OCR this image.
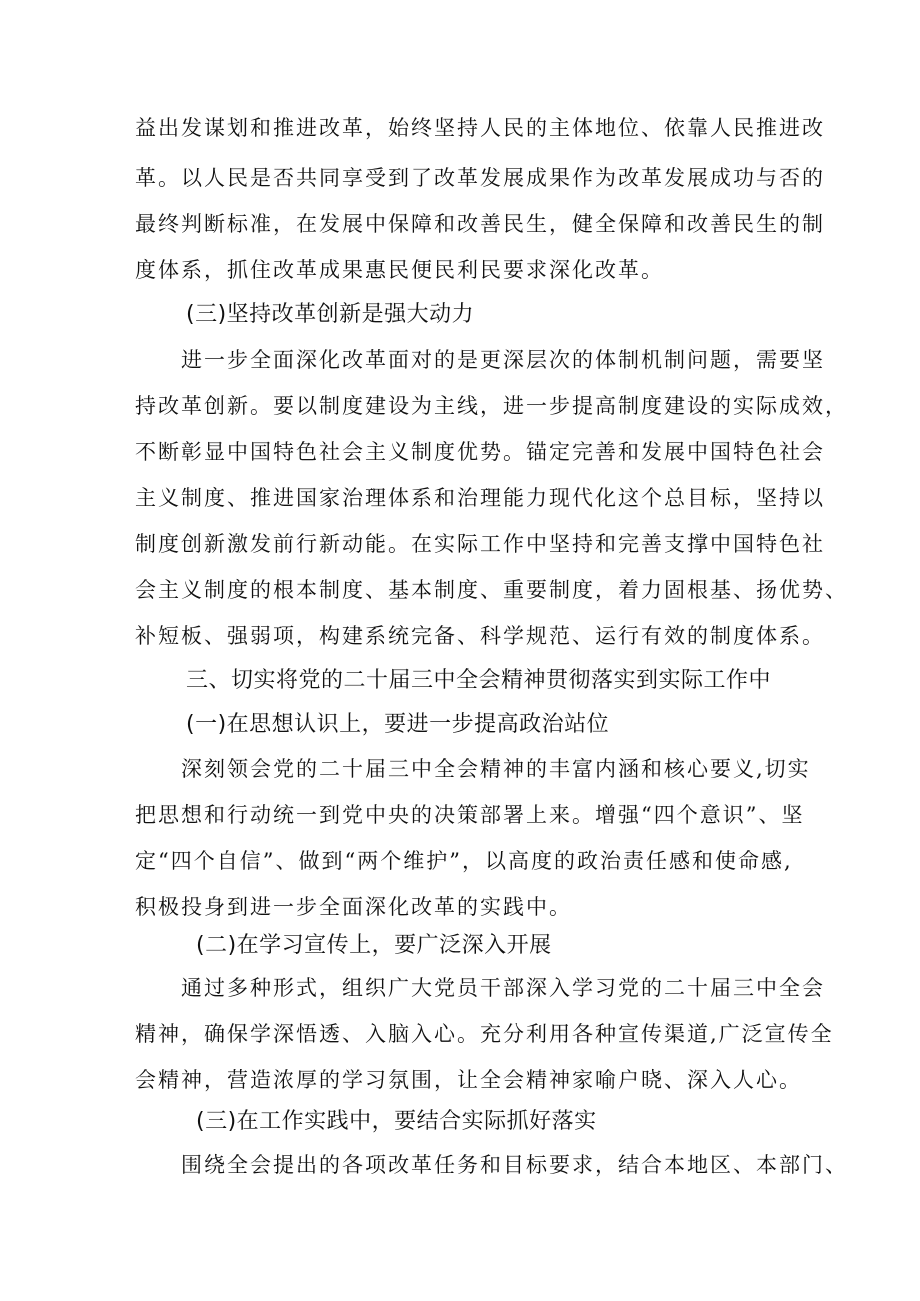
益出发谋划和推进改革，始终坚持人民的主体地位、依靠人民推进改
革。以人民是否共同享受到了改革发展成果作为改革发展成功与否的
最终判断标准，在发展中保障和改善民生，健全保障和改善民生的制
度体系，抓住改革成果惠民便民利民要求深化改革。
(三)坚持改革创新是强大动力
进一步全面深化改革面对的是更深层次的体制机制问题，需要坚
持改革创新。要以制度建设为主线，进一步提高制度建设的实际成效，
不断彰显中国特色社会主义制度优势。锚定完善和发展中国特色社会
主义制度、推进国家治理体系和治理能力现代化这个总目标，坚持以
制度创新激发前行新动能。在实际工作中坚持和完善支撑中国特色社
会主义制度的根本制度、基本制度、重要制度，着力固根基、扬优势、
补短板、强弱项，构建系统完备、科学规范、运行有效的制度体系。
三、切实将党的二十届三中全会精神贯彻落实到实际工作中
(一)在思想认识上，要进一步提高政治站位
深刻领会党的二十届三中全会精神的丰富内涵和核心要义,切实
把思想和行动统一到党中央的决策部署上来。增强“四个意识”、坚
定“四个自信”、做到“两个维护”，以高度的政治责任感和使命感,
积极投身到进一步全面深化改革的实践中。
(二)在学习宣传上，要广泛深入开展
通过多种形式，组织广大党员干部深入学习党的二十届三中全会
精神，确保学深悟透、入脑入心。充分利用各种宣传渠道,广泛宣传全
会精神，营造浓厚的学习氛围，让全会精神家喻户晓、深入人心。
(三)在工作实践中，要结合实际抓好落实
围绕全会提出的各项改革任务和目标要求，结合本地区、本部门、
